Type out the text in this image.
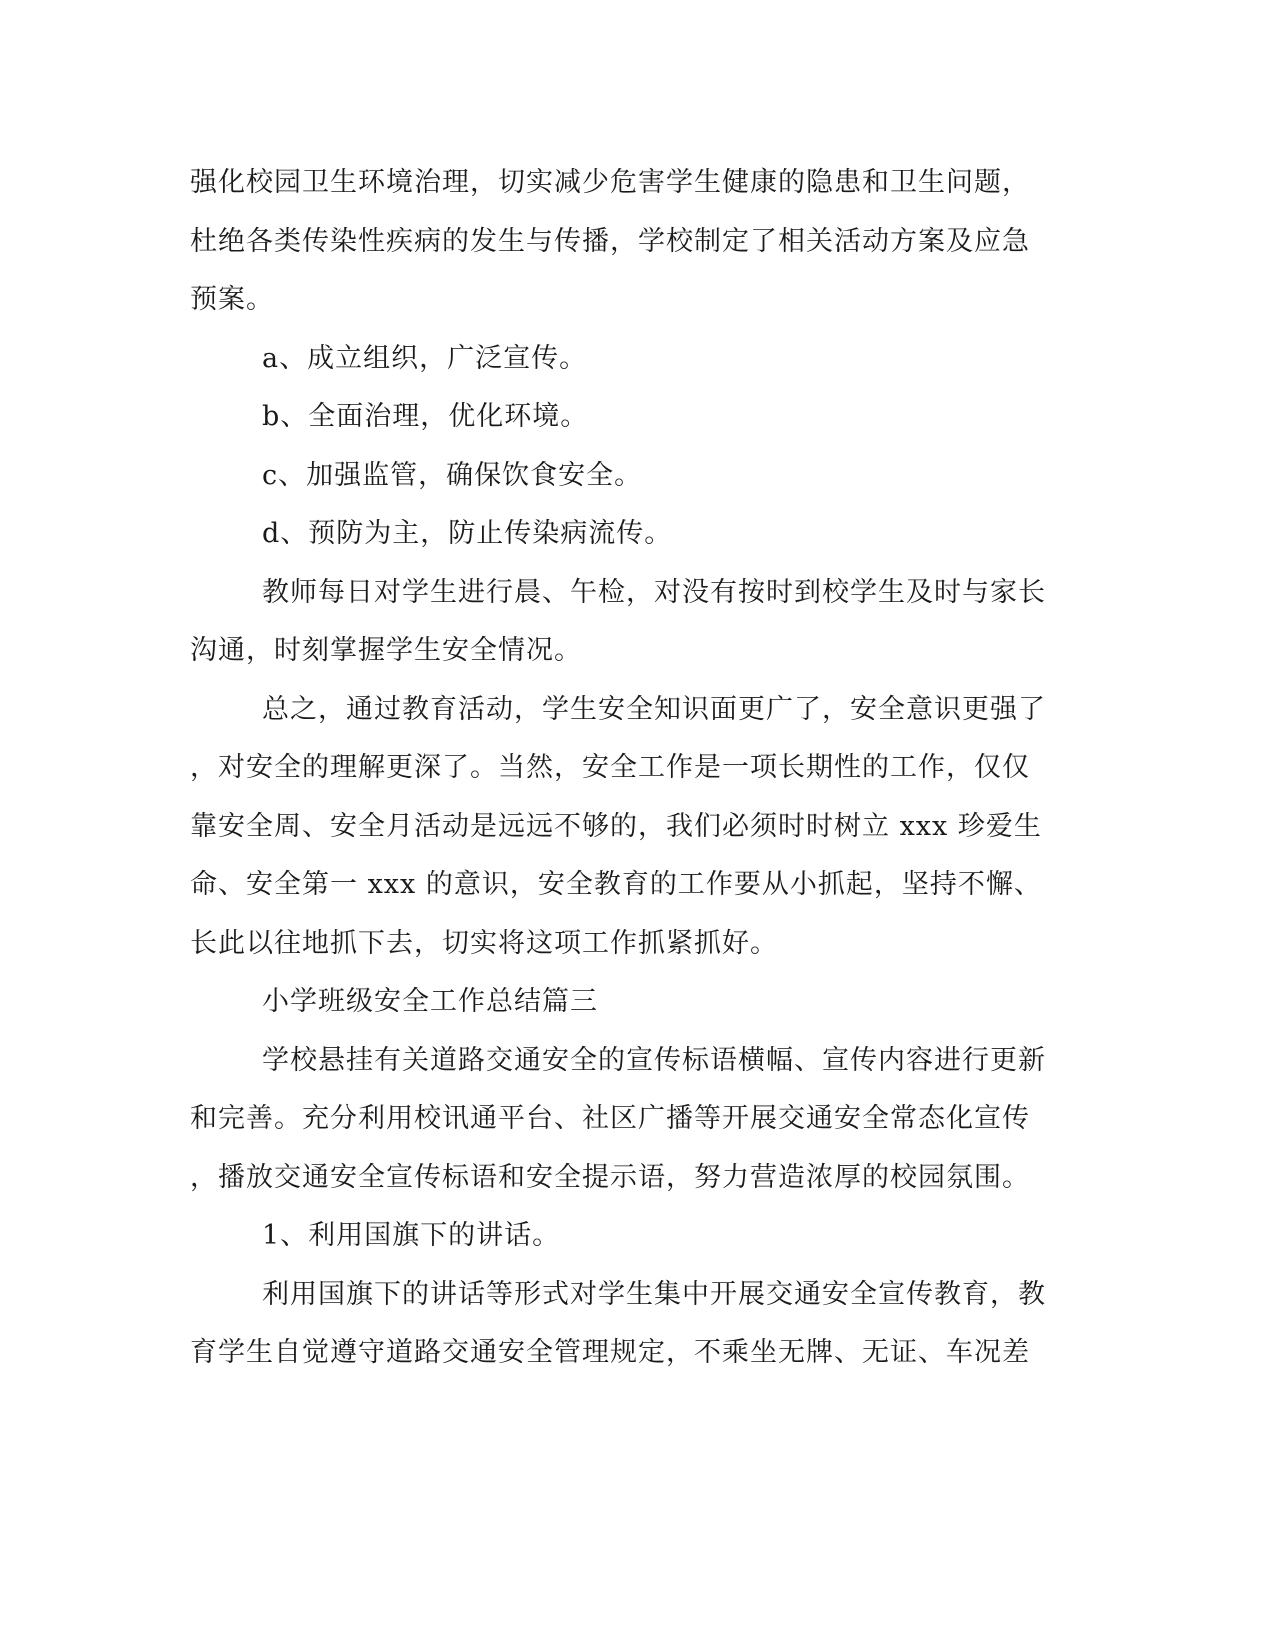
强化校园卫生环境治理，切实减少危害学生健康的隐患和卫生问题，
杜绝各类传染性疾病的发生与传播，学校制定了相关活动方案及应急
预案。
a、成立组织，广泛宣传。
b、全面治理，优化环境。
c、加强监管，确保饮食安全。
d、预防为主，防止传染病流传。
教师每日对学生进行晨、午检，对没有按时到校学生及时与家长
沟通，时刻掌握学生安全情况。
总之，通过教育活动，学生安全知识面更广了，安全意识更强了
，对安全的理解更深了。当然，安全工作是一项长期性的工作，仅仅
靠安全周、安全月活动是远远不够的，我们必须时时树立 xxx 珍爱生
命、安全第一 xxx 的意识，安全教育的工作要从小抓起，坚持不懈、
长此以往地抓下去，切实将这项工作抓紧抓好。
小学班级安全工作总结篇三
学校悬挂有关道路交通安全的宣传标语横幅、宣传内容进行更新
和完善。充分利用校讯通平台、社区广播等开展交通安全常态化宣传
，播放交通安全宣传标语和安全提示语，努力营造浓厚的校园氛围。
1、利用国旗下的讲话。
利用国旗下的讲话等形式对学生集中开展交通安全宣传教育，教
育学生自觉遵守道路交通安全管理规定，不乘坐无牌、无证、车况差
